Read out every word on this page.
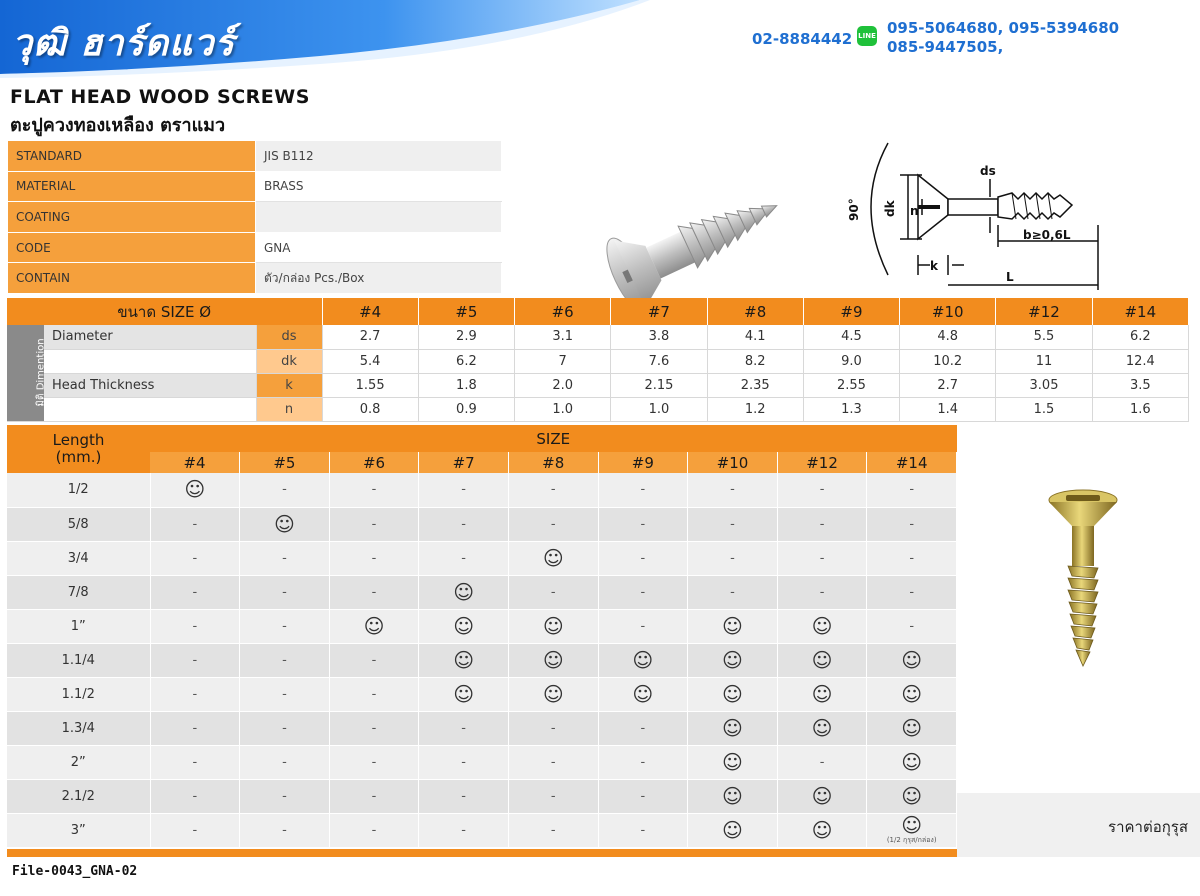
วุฒิ ฮาร์ดแวร์	02-8884442 LINE 095-5064680, 095-5394680
085-9447505,
FLAT HEAD WOOD SCREWS
ตะปูควงทองเหลือง ตราแมว
STANDARD	JIS B112
MATERIAL	BRASS
COATING	
CODE	GNA
CONTAIN	ตัว/กล่อง Pcs./Box
90° dk n
ds
b≥0,6L
k
L
ขนาด SIZE Ø			#4	#5	#6	#7	#8	#9	#10	#12	#14
มิติ Dimention	Diameter	ds	2.7	2.9	3.1	3.8	4.1	4.5	4.8	5.5	6.2
		dk	5.4	6.2	7	7.6	8.2	9.0	10.2	11	12.4
	Head Thickness	k	1.55	1.8	2.0	2.15	2.35	2.55	2.7	3.05	3.5
		n	0.8	0.9	1.0	1.0	1.2	1.3	1.4	1.5	1.6
Length
(mm.)	SIZE								
	#4	#5	#6	#7	#8	#9	#10	#12	#14
1/2	☺	-	-	-	-	-	-	-	-
5/8	-	☺	-	-	-	-	-	-	-
3/4	-	-	-	-	☺	-	-	-	-
7/8	-	-	-	☺	-	-	-	-	-
1”	-	-	☺	☺	☺	-	☺	☺	-
1.1/4	-	-	-	☺	☺	☺	☺	☺	☺
1.1/2	-	-	-	☺	☺	☺	☺	☺	☺
1.3/4	-	-	-	-	-	-	☺	☺	☺
2”	-	-	-	-	-	-	☺	-	☺
2.1/2	-	-	-	-	-	-	☺	☺	☺
3”	-	-	-	-	-	-	☺	☺	☺
(1/2 กุรุส/กล่อง)
ราคาต่อกุรุส
File-0043_GNA-02
